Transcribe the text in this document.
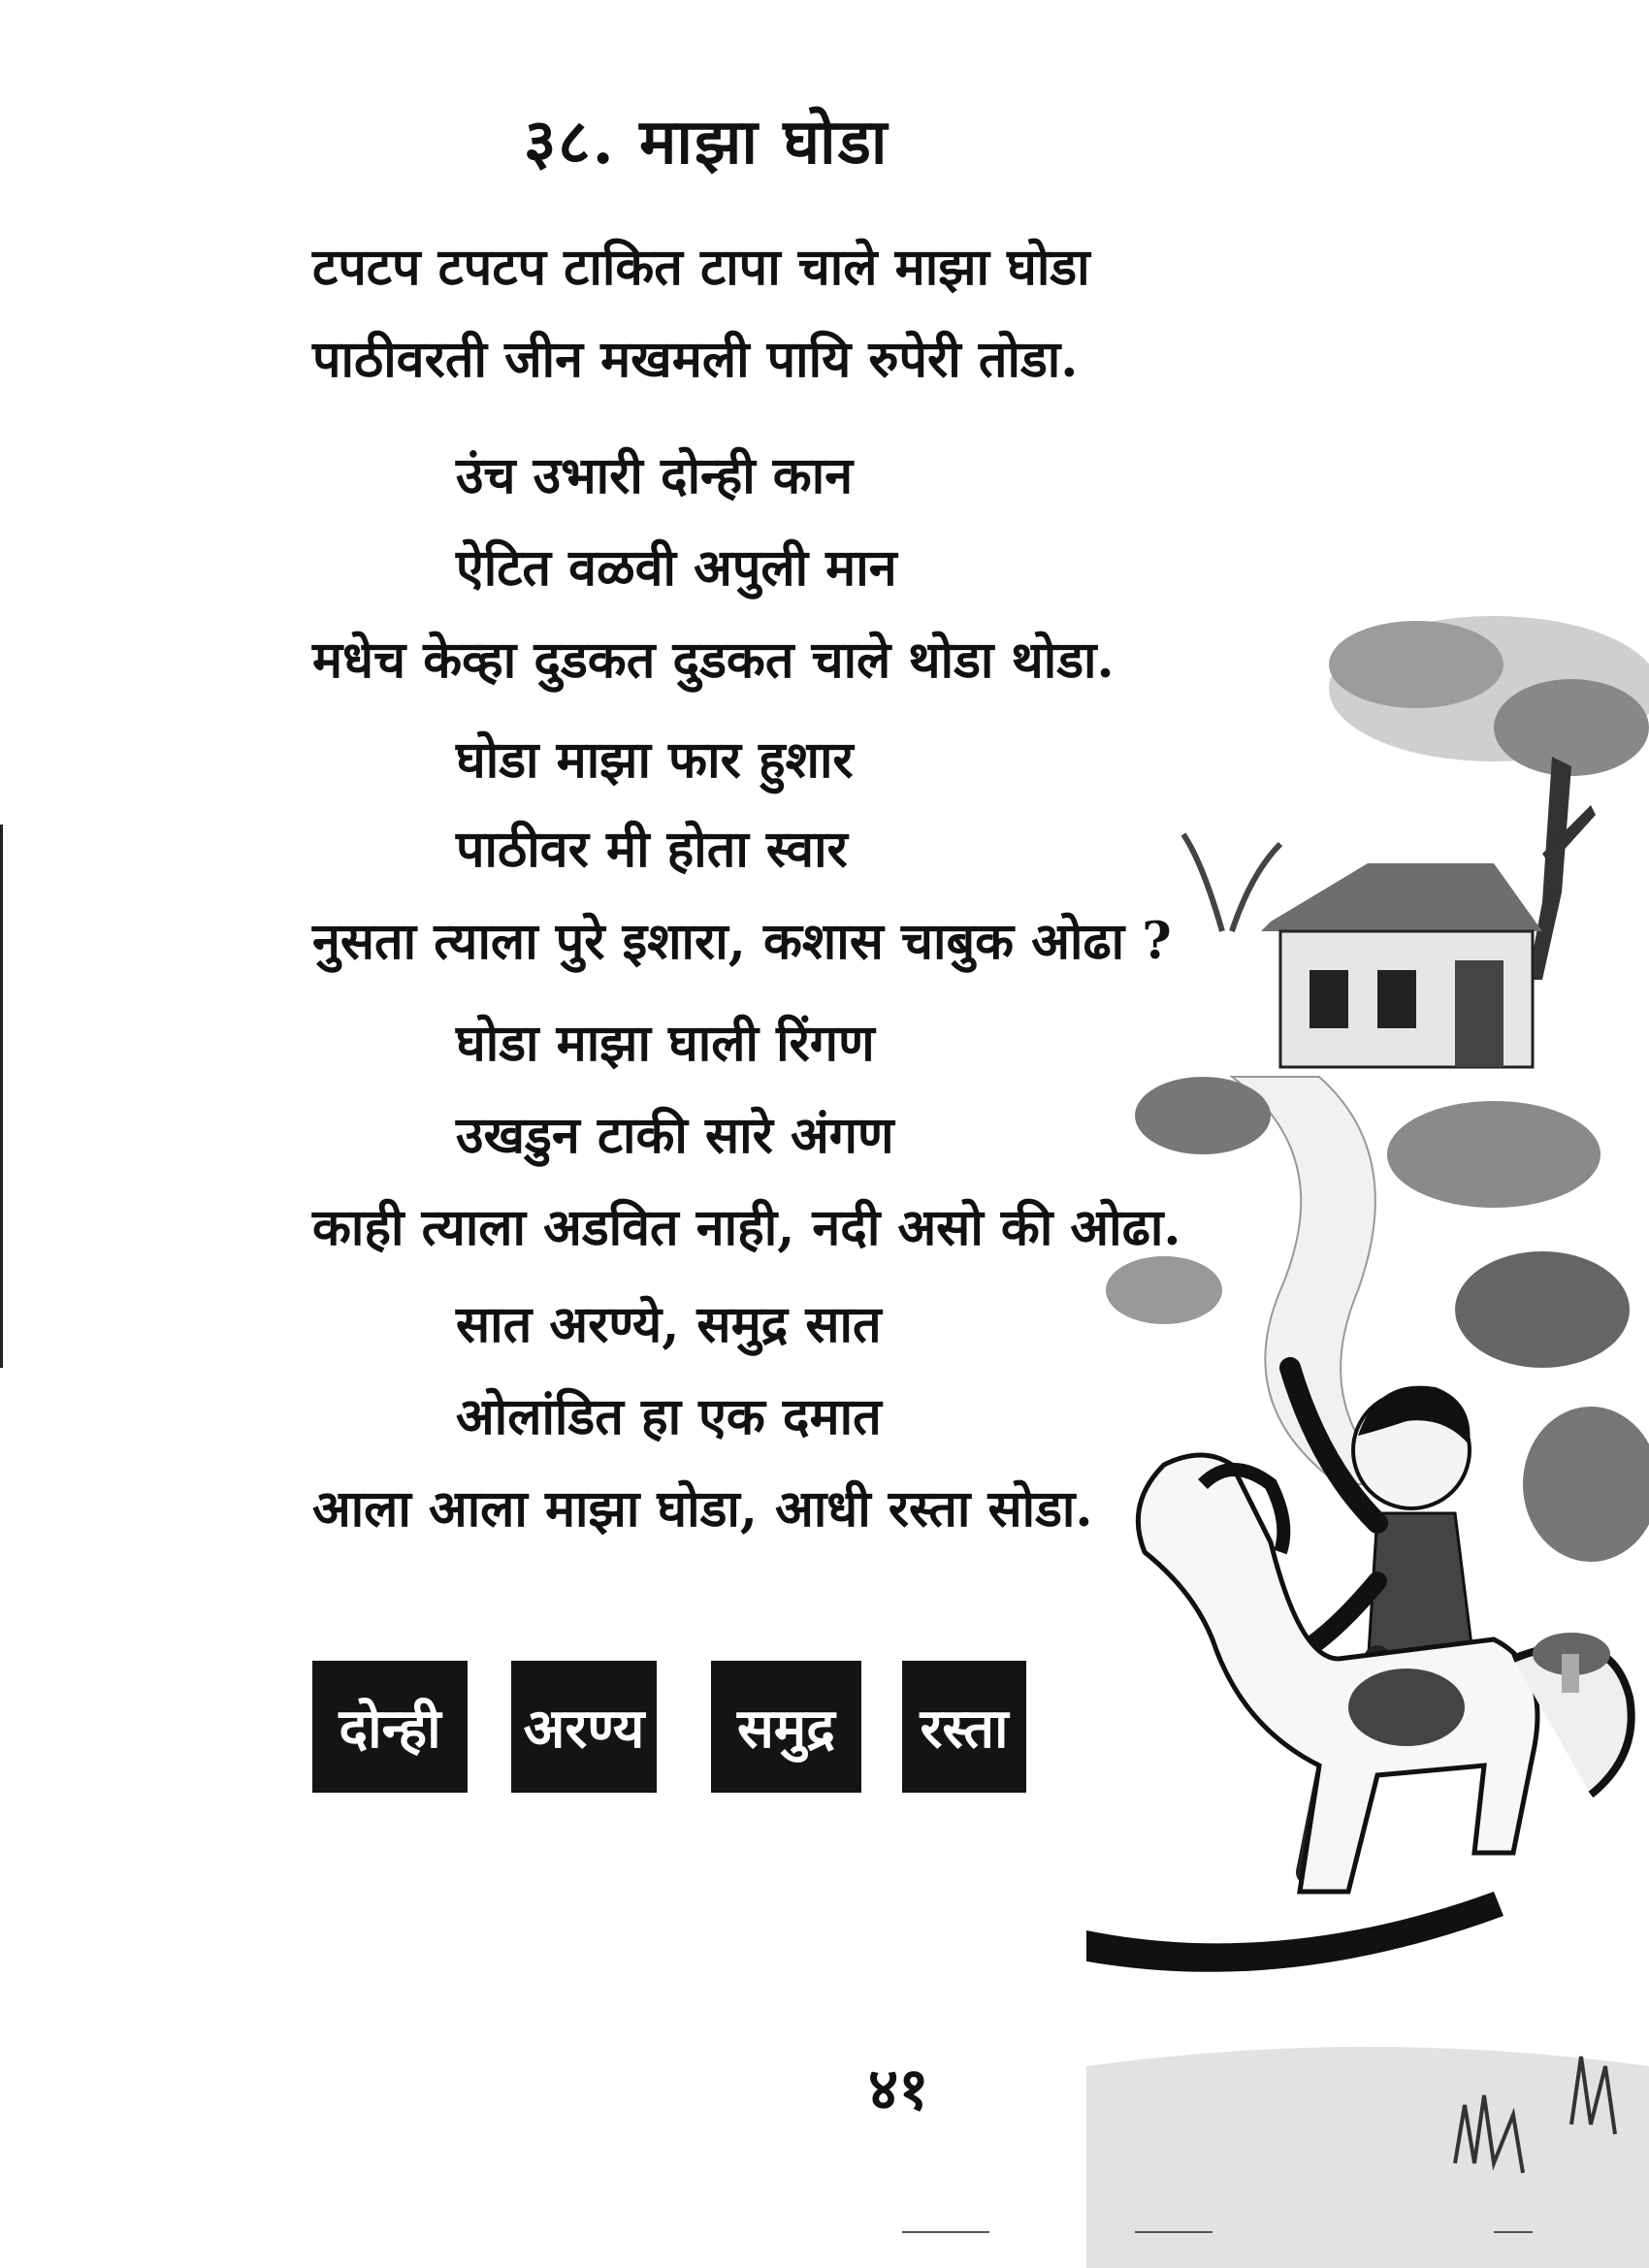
३८. माझा घोडा
टपटप टपटप टाकित टापा चाले माझा घोडा
पाठीवरती जीन मखमली पायि रुपेरी तोडा.
उंच उभारी दोन्ही कान
ऐटित वळवी अपुली मान
मधेच केव्हा दुडकत दुडकत चाले थोडा थोडा.
घोडा माझा फार हुशार
पाठीवर मी होता स्वार
नुसता त्याला पुरे इशारा, कशास चाबुक ओढा ?
घोडा माझा घाली रिंगण
उखडुन टाकी सारे अंगण
काही त्याला अडवित नाही, नदी असो की ओढा.
सात अरण्ये, समुद्र सात
ओलांडित हा एक दमात
आला आला माझा घोडा, आधी रस्ता सोडा.
दोन्ही	अरण्य	समुद्र	रस्ता
४१
